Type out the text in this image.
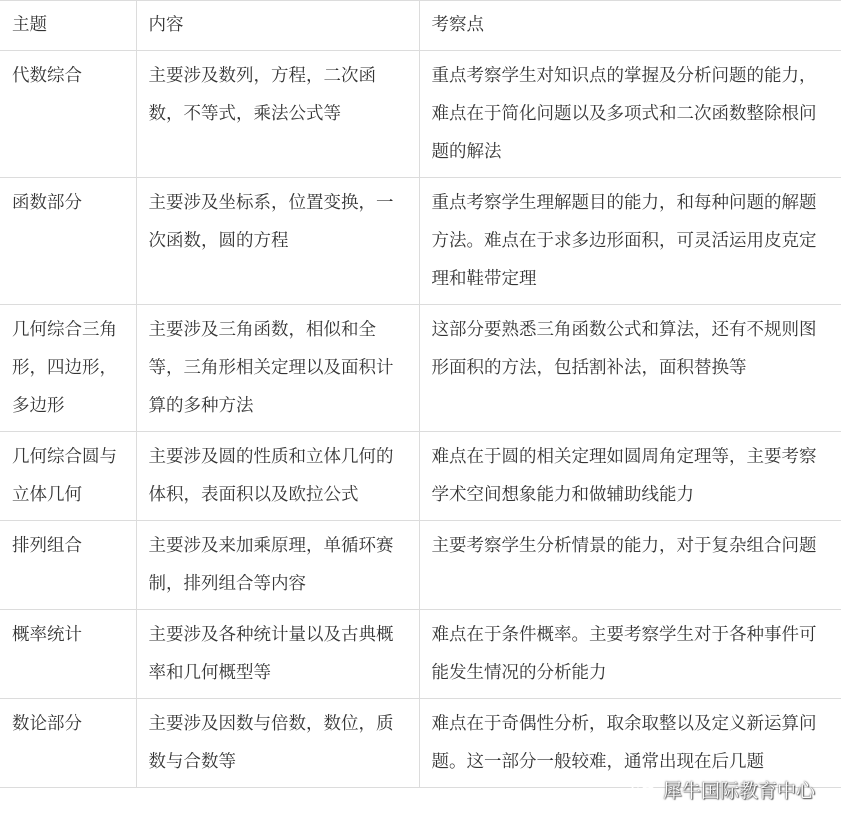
主题	内容	考察点
代数综合	主要涉及数列，方程，二次函数，不等式，乘法公式等	重点考察学生对知识点的掌握及分析问题的能力，难点在于简化问题以及多项式和二次函数整除根问题的解法
函数部分	主要涉及坐标系，位置变换，一次函数，圆的方程	重点考察学生理解题目的能力，和每种问题的解题方法。难点在于求多边形面积，可灵活运用皮克定理和鞋带定理
几何综合三角形，四边形，多边形	主要涉及三角函数，相似和全等，三角形相关定理以及面积计算的多种方法	这部分要熟悉三角函数公式和算法，还有不规则图形面积的方法，包括割补法，面积替换等
几何综合圆与立体几何	主要涉及圆的性质和立体几何的体积，表面积以及欧拉公式	难点在于圆的相关定理如圆周角定理等，主要考察学术空间想象能力和做辅助线能力
排列组合	主要涉及来加乘原理，单循环赛制，排列组合等内容	主要考察学生分析情景的能力，对于复杂组合问题
概率统计	主要涉及各种统计量以及古典概率和几何概型等	难点在于条件概率。主要考察学生对于各种事件可能发生情况的分析能力
数论部分	主要涉及因数与倍数，数位，质数与合数等	难点在于奇偶性分析，取余取整以及定义新运算问题。这一部分一般较难，通常出现在后几题
犀牛国际教育中心
